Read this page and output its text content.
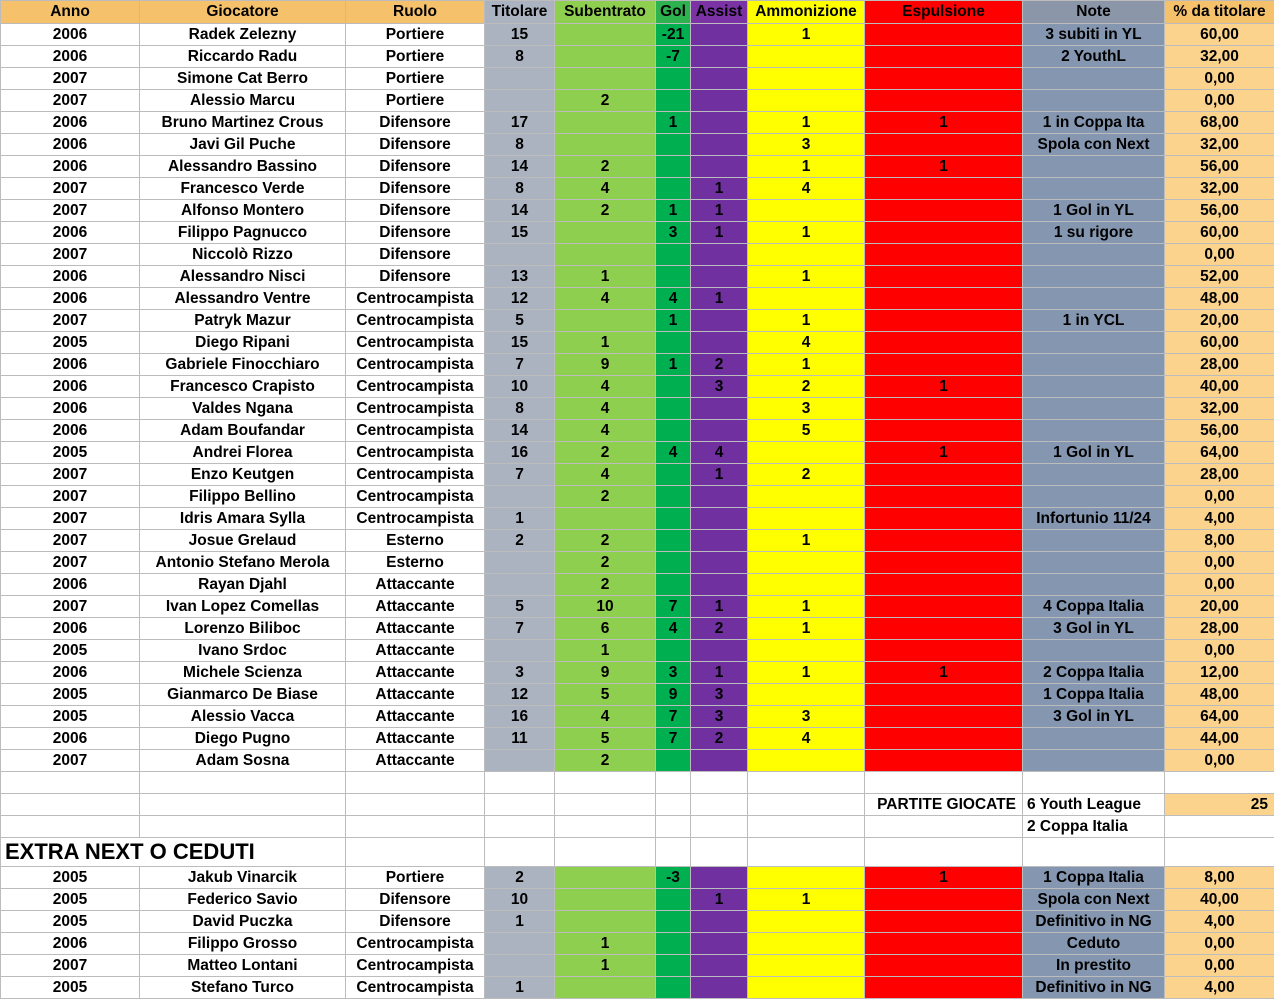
Anno	Giocatore	Ruolo	Titolare	Subentrato	Gol	Assist	Ammonizione	Espulsione	Note	% da titolare
2006	Radek Zelezny	Portiere	15		-21		1		3 subiti in YL	60,00
2006	Riccardo Radu	Portiere	8		-7				2 YouthL	32,00
2007	Simone Cat Berro	Portiere								0,00
2007	Alessio Marcu	Portiere		2						0,00
2006	Bruno Martinez Crous	Difensore	17		1		1	1	1 in Coppa Ita	68,00
2006	Javi Gil Puche	Difensore	8				3		Spola con Next	32,00
2006	Alessandro Bassino	Difensore	14	2			1	1		56,00
2007	Francesco Verde	Difensore	8	4		1	4			32,00
2007	Alfonso Montero	Difensore	14	2	1	1			1 Gol in YL	56,00
2006	Filippo Pagnucco	Difensore	15		3	1	1		1 su rigore	60,00
2007	Niccolò Rizzo	Difensore								0,00
2006	Alessandro Nisci	Difensore	13	1			1			52,00
2006	Alessandro Ventre	Centrocampista	12	4	4	1				48,00
2007	Patryk Mazur	Centrocampista	5		1		1		1 in YCL	20,00
2005	Diego Ripani	Centrocampista	15	1			4			60,00
2006	Gabriele Finocchiaro	Centrocampista	7	9	1	2	1			28,00
2006	Francesco Crapisto	Centrocampista	10	4		3	2	1		40,00
2006	Valdes Ngana	Centrocampista	8	4			3			32,00
2006	Adam Boufandar	Centrocampista	14	4			5			56,00
2005	Andrei Florea	Centrocampista	16	2	4	4		1	1 Gol in YL	64,00
2007	Enzo Keutgen	Centrocampista	7	4		1	2			28,00
2007	Filippo Bellino	Centrocampista		2						0,00
2007	Idris Amara Sylla	Centrocampista	1						Infortunio 11/24	4,00
2007	Josue Grelaud	Esterno	2	2			1			8,00
2007	Antonio Stefano Merola	Esterno		2						0,00
2006	Rayan Djahl	Attaccante		2						0,00
2007	Ivan Lopez Comellas	Attaccante	5	10	7	1	1		4 Coppa Italia	20,00
2006	Lorenzo Biliboc	Attaccante	7	6	4	2	1		3 Gol in YL	28,00
2005	Ivano Srdoc	Attaccante		1						0,00
2006	Michele Scienza	Attaccante	3	9	3	1	1	1	2 Coppa Italia	12,00
2005	Gianmarco De Biase	Attaccante	12	5	9	3			1 Coppa Italia	48,00
2005	Alessio Vacca	Attaccante	16	4	7	3	3		3 Gol in YL	64,00
2006	Diego Pugno	Attaccante	11	5	7	2	4			44,00
2007	Adam Sosna	Attaccante		2						0,00

								PARTITE GIOCATE	6 Youth League	25
									2 Coppa Italia	
EXTRA NEXT O CEDUTI										
2005	Jakub Vinarcik	Portiere	2		-3			1	1 Coppa Italia	8,00
2005	Federico Savio	Difensore	10			1	1		Spola con Next	40,00
2005	David Puczka	Difensore	1						Definitivo in NG	4,00
2006	Filippo Grosso	Centrocampista		1					Ceduto	0,00
2007	Matteo Lontani	Centrocampista		1					In prestito	0,00
2005	Stefano Turco	Centrocampista	1						Definitivo in NG	4,00
